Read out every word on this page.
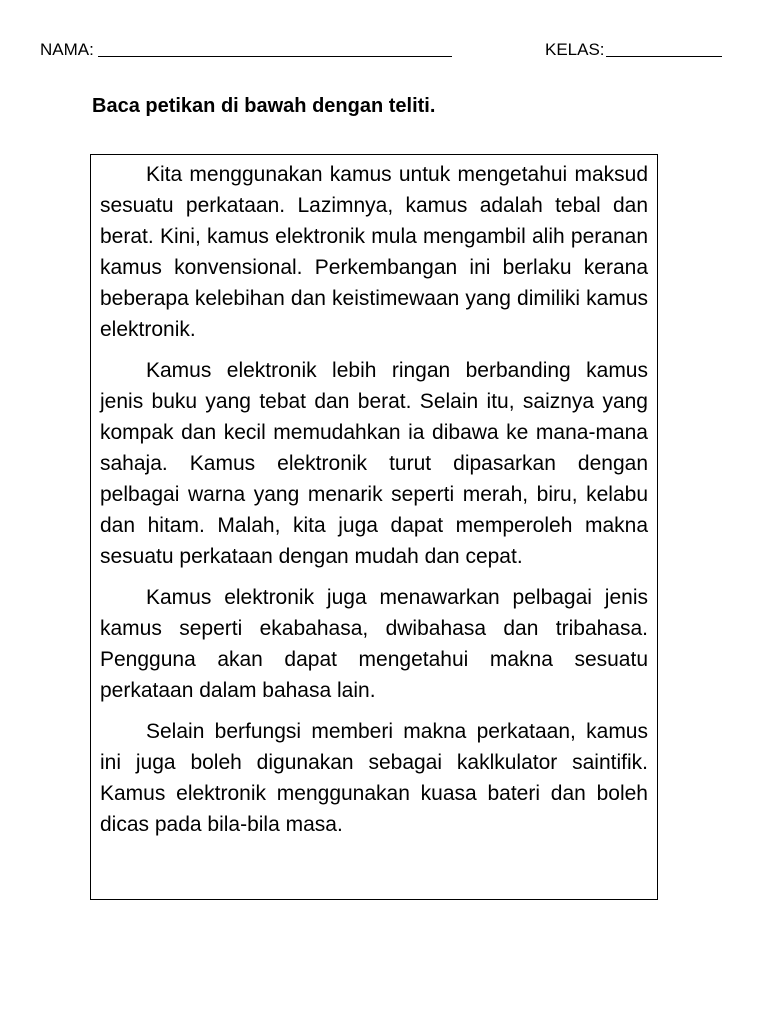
NAMA:	KELAS:
Baca petikan di bawah dengan teliti.

Kita menggunakan kamus untuk mengetahui maksud sesuatu perkataan. Lazimnya, kamus adalah tebal dan berat. Kini, kamus elektronik mula mengambil alih peranan kamus konvensional. Perkembangan ini berlaku kerana beberapa kelebihan dan keistimewaan yang dimiliki kamus elektronik.

Kamus elektronik lebih ringan berbanding kamus jenis buku yang tebat dan berat. Selain itu, saiznya yang kompak dan kecil memudahkan ia dibawa ke mana-mana sahaja. Kamus elektronik turut dipasarkan dengan pelbagai warna yang menarik seperti merah, biru, kelabu dan hitam. Malah, kita juga dapat memperoleh makna sesuatu perkataan dengan mudah dan cepat.

Kamus elektronik juga menawarkan pelbagai jenis kamus seperti ekabahasa, dwibahasa dan tribahasa. Pengguna akan dapat mengetahui makna sesuatu perkataan dalam bahasa lain.

Selain berfungsi memberi makna perkataan, kamus ini juga boleh digunakan sebagai kaklkulator saintifik. Kamus elektronik menggunakan kuasa bateri dan boleh dicas pada bila-bila masa.
